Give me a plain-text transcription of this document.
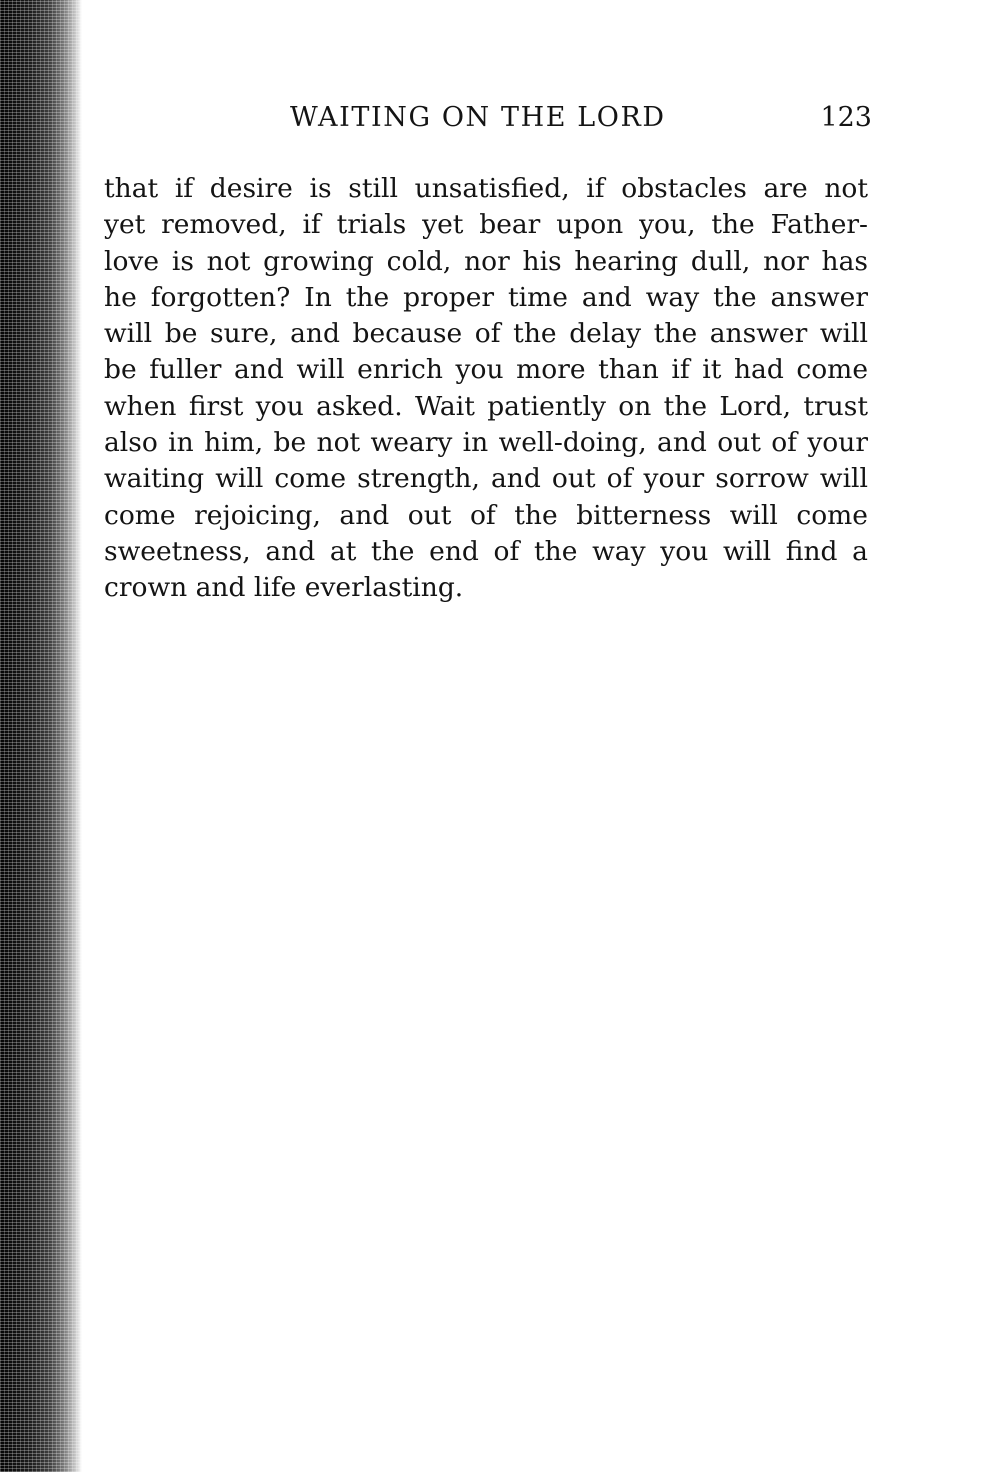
WAITING ON THE LORD	123
that if desire is still unsatisfied, if obstacles are not
yet removed, if trials yet bear upon you, the Father-
love is not growing cold, nor his hearing dull, nor has
he forgotten? In the proper time and way the answer
will be sure, and because of the delay the answer will
be fuller and will enrich you more than if it had come
when first you asked. Wait patiently on the Lord, trust
also in him, be not weary in well-doing, and out of your
waiting will come strength, and out of your sorrow will
come rejoicing, and out of the bitterness will come
sweetness, and at the end of the way you will find a
crown and life everlasting.
